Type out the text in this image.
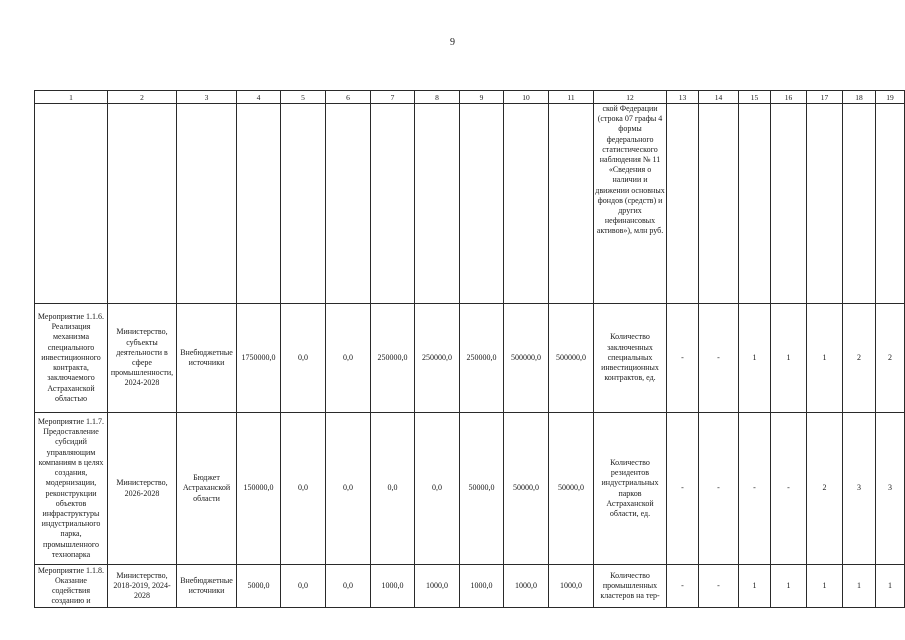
9
1	2	3	4	5	6	7	8	9	10	11	12	13	14	15	16	17	18	19

											ской Федерации (строка 07 графы 4 формы федерального статистического наблюдения № 11 «Сведения о наличии и движении основных фондов (средств) и других нефинансовых активов»), млн руб.							

Мероприятие 1.1.6. Реализация механизма специального инвестиционного контракта, заключаемого Астраханской областью	Министерство, субъекты деятельности в сфере промышленности, 2024-2028	Внебюджетные источники	1750000,0	0,0	0,0	250000,0	250000,0	250000,0	500000,0	500000,0	Количество заключенных специальных инвестиционных контрактов, ед.	-	-	1	1	1	2	2

Мероприятие 1.1.7. Предоставление субсидий управляющим компаниям в целях создания, модернизации, реконструкции объектов инфраструктуры индустриального парка, промышленного технопарка	Министерство, 2026-2028	Бюджет Астраханской области	150000,0	0,0	0,0	0,0	0,0	50000,0	50000,0	50000,0	Количество резидентов индустриальных парков Астраханской области, ед.	-	-	-	-	2	3	3

Мероприятие 1.1.8. Оказание содействия созданию и	Министерство, 2018-2019, 2024-2028	Внебюджетные источники	5000,0	0,0	0,0	1000,0	1000,0	1000,0	1000,0	1000,0	Количество промышленных кластеров на тер-	-	-	1	1	1	1	1
